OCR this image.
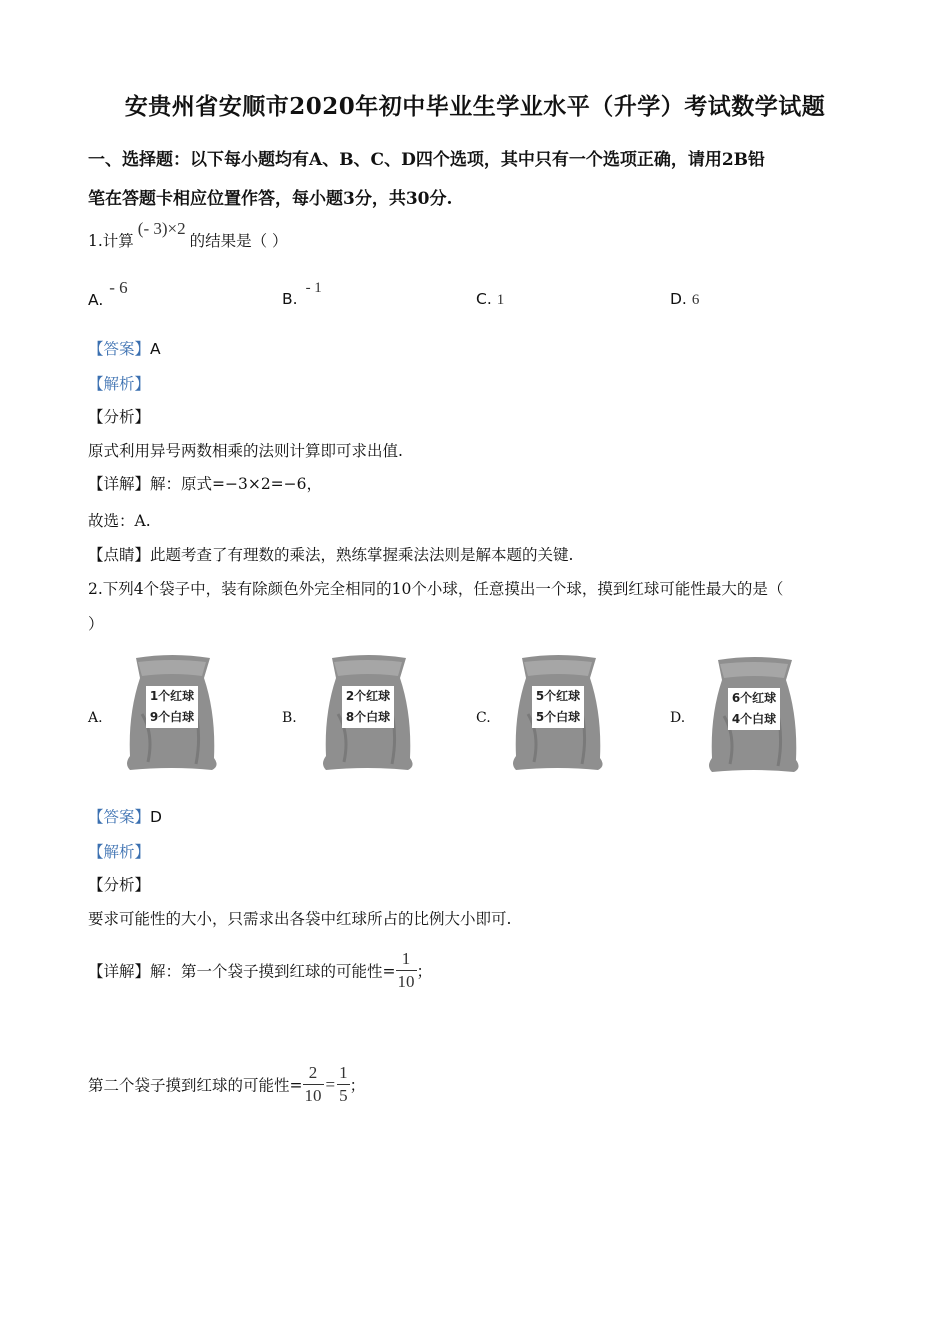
安贵州省安顺市2020年初中毕业生学业水平（升学）考试数学试题
一、选择题：以下每小题均有A、B、C、D四个选项，其中只有一个选项正确，请用2B铅
笔在答题卡相应位置作答，每小题3分，共30分.
1.计算(- 3)×2的结果是（ ）
A.- 6
B.- 1
C. 1	D. 6
【答案】A
【解析】
【分析】
原式利用异号两数相乘的法则计算即可求出值.
【详解】解：原式=−3×2=−6，
故选：A.
【点睛】此题考查了有理数的乘法，熟练掌握乘法法则是解本题的关键.
2.下列4个袋子中，装有除颜色外完全相同的10个小球，任意摸出一个球，摸到红球可能性最大的是（
）
A.
1个红球
9个白球	B.
2个红球
8个白球	C.
5个红球
5个白球	D.
6个红球
4个白球
【答案】D
【解析】
【分析】
要求可能性的大小，只需求出各袋中红球所占的比例大小即可.
【详解】解：第一个袋子摸到红球的可能性= $\frac{1}{10}$ ；
第二个袋子摸到红球的可能性= $\frac{2}{10} = \frac{1}{5}$ ；
